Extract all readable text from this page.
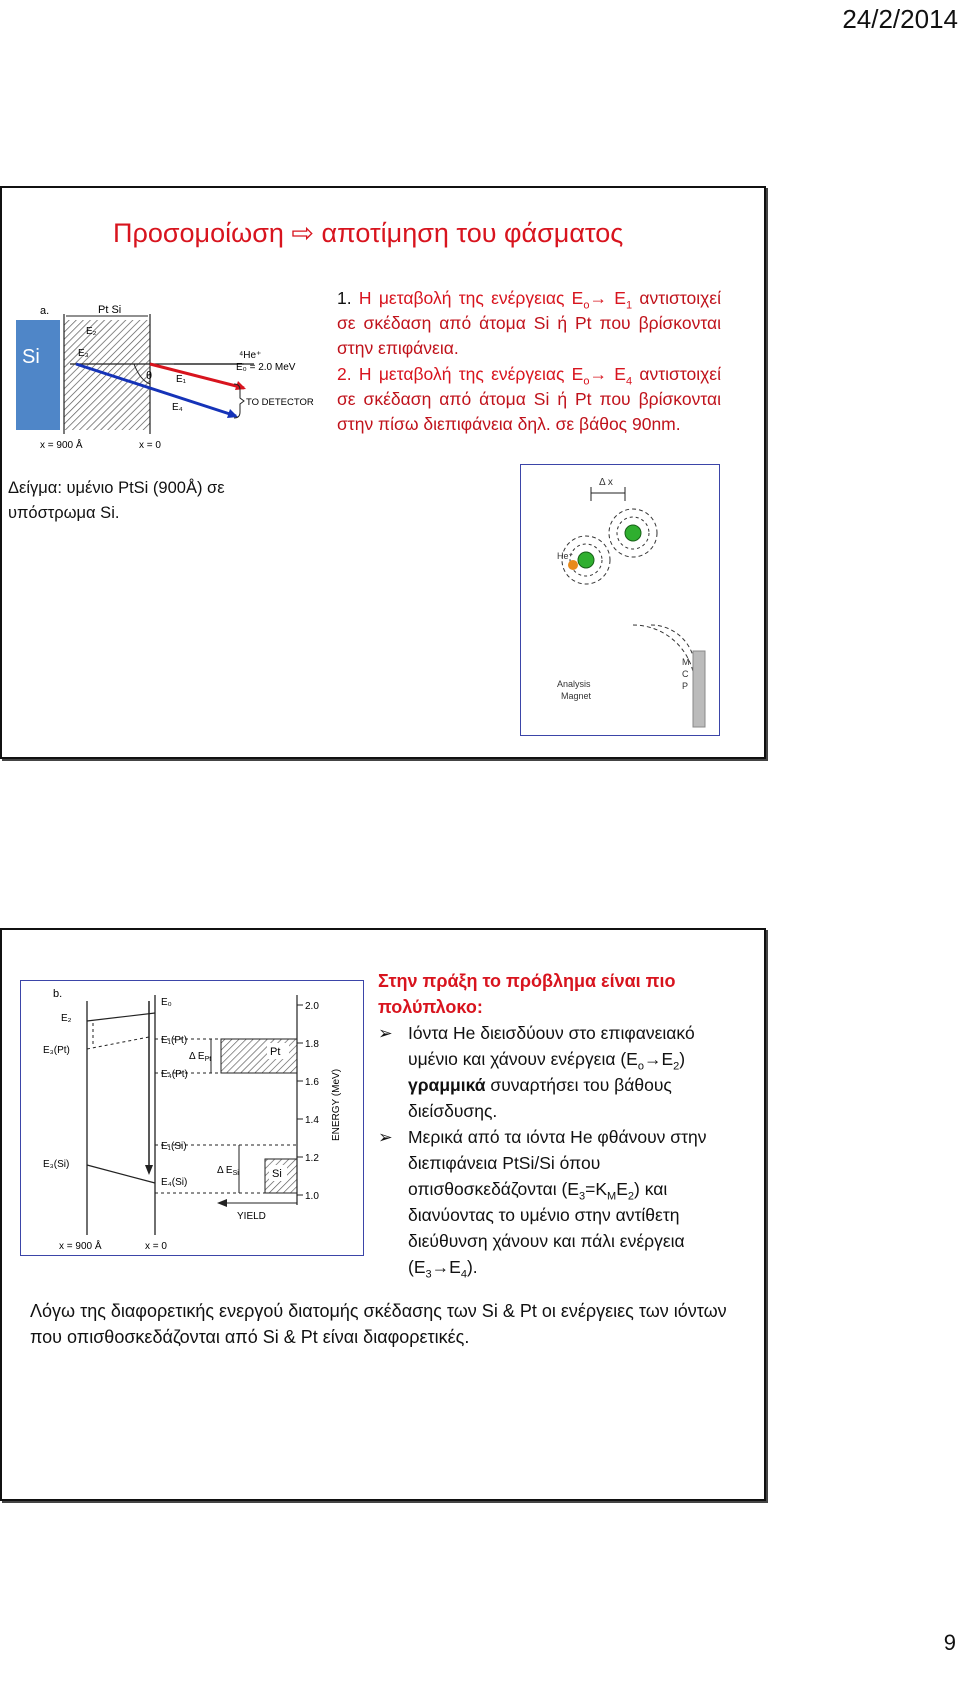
24/2/2014
Προσομοίωση ⇨ αποτίμηση του φάσματος
a.	Pt Si
θ
E₂
E₃
E₁
E₄
⁴He⁺
E₀ = 2.0 MeV
TO DETECTOR
x = 900 Å	x = 0
Si
Δείγμα: υμένιο PtSi (900Å) σε υπόστρωμα Si.
1. Η μεταβολή της ενέργειας $E_o\to E_1$ αντιστοιχεί σε σκέδαση από άτομα Si ή Pt που βρίσκονται στην επιφάνεια.
2. Η μεταβολή της ενέργειας $E_o\to E_4$ αντιστοιχεί σε σκέδαση από άτομα Si ή Pt που βρίσκονται στην πίσω διεπιφάνεια δηλ. σε βάθος 90nm.
Δ x
He⁺
M
C
P
Analysis
Magnet
b.
2.0
1.8
1.6
1.4
1.2
1.0
ENERGY (MeV)
E₂
E₃(Pt)
E₃(Si)
E₀
E₁(Pt)
E₄(Pt)
E₁(Si)
E₄(Si)
Δ $E_{Pt}$
Δ $E_{Si}$
Pt
Si
YIELD
x = 900 Å	x = 0
Στην πράξη το πρόβλημα είναι πιο πολύπλοκο:
➢ Ιόντα He διεισδύουν στο επιφανειακό υμένιο και χάνουν ενέργεια $(E_o\to E_2)$ γραμμικά συναρτήσει του βάθους διείσδυσης.
➢ Μερικά από τα ιόντα He φθάνουν στην διεπιφάνεια PtSi/Si όπου οπισθοσκεδάζονται $(E_3=K_ME_2)$ και διανύοντας το υμένιο στην αντίθετη διεύθυνση χάνουν και πάλι ενέργεια $(E_3\to E_4)$.
Λόγω της διαφορετικής ενεργού διατομής σκέδασης των Si & Pt οι ενέργειες των ιόντων που οπισθοσκεδάζονται από Si & Pt είναι διαφορετικές.
9
